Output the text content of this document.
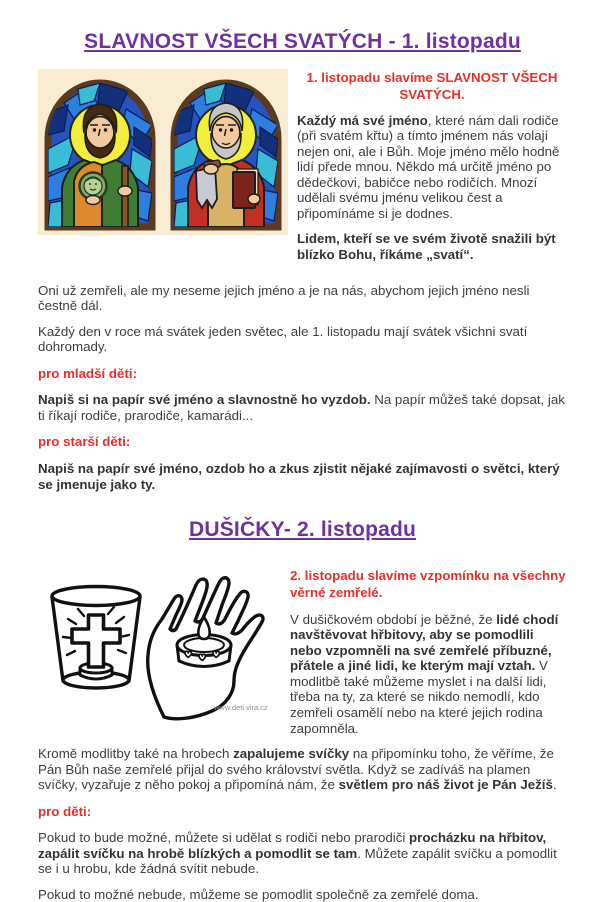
SLAVNOST VŠECH SVATÝCH - 1. listopadu

1. listopadu slavíme SLAVNOST VŠECH SVATÝCH.

Každý má své jméno, které nám dali rodiče (při svatém křtu) a tímto jménem nás volají nejen oni, ale i Bůh. Moje jméno mělo hodně lidí přede mnou. Někdo má určitě jméno po dědečkovi, babičce nebo rodičích. Mnozí udělali svému jménu velikou čest a připomínáme si je dodnes.

Lidem, kteří se ve svém životě snažili být blízko Bohu, říkáme „svatí“.

Oni už zemřeli, ale my neseme jejich jméno a je na nás, abychom jejich jméno nesli čestně dál.

Každý den v roce má svátek jeden světec, ale 1. listopadu mají svátek všichni svatí dohromady.

pro mladší děti:

Napiš si na papír své jméno a slavnostně ho vyzdob. Na papír můžeš také dopsat, jak ti říkají rodiče, prarodiče, kamarádi...

pro starší děti:

Napiš na papír své jméno, ozdob ho a zkus zjistit nějaké zajímavosti o světci, který se jmenuje jako ty.

DUŠIČKY- 2. listopadu
www.deti.vira.cz

2. listopadu slavíme vzpomínku na všechny věrné zemřelé.

V dušičkovém období je běžné, že lidé chodí navštěvovat hřbitovy, aby se pomodlili nebo vzpomněli na své zemřelé příbuzné, přátele a jiné lidi, ke kterým mají vztah. V modlitbě také můžeme myslet i na další lidi, třeba na ty, za které se nikdo nemodlí, kdo zemřeli osamělí nebo na které jejich rodina zapomněla.

Kromě modlitby také na hrobech zapalujeme svíčky na připomínku toho, že věříme, že Pán Bůh naše zemřelé přijal do svého království světla. Když se zadíváš na plamen svíčky, vyzařuje z něho pokoj a připomíná nám, že světlem pro náš život je Pán Ježíš.

pro děti:

Pokud to bude možné, můžete si udělat s rodiči nebo prarodiči procházku na hřbitov, zapálit svíčku na hrobě blízkých a pomodlit se tam. Můžete zapálit svíčku a pomodlit se i u hrobu, kde žádná svítit nebude.

Pokud to možné nebude, můžeme se pomodlit společně za zemřelé doma.
